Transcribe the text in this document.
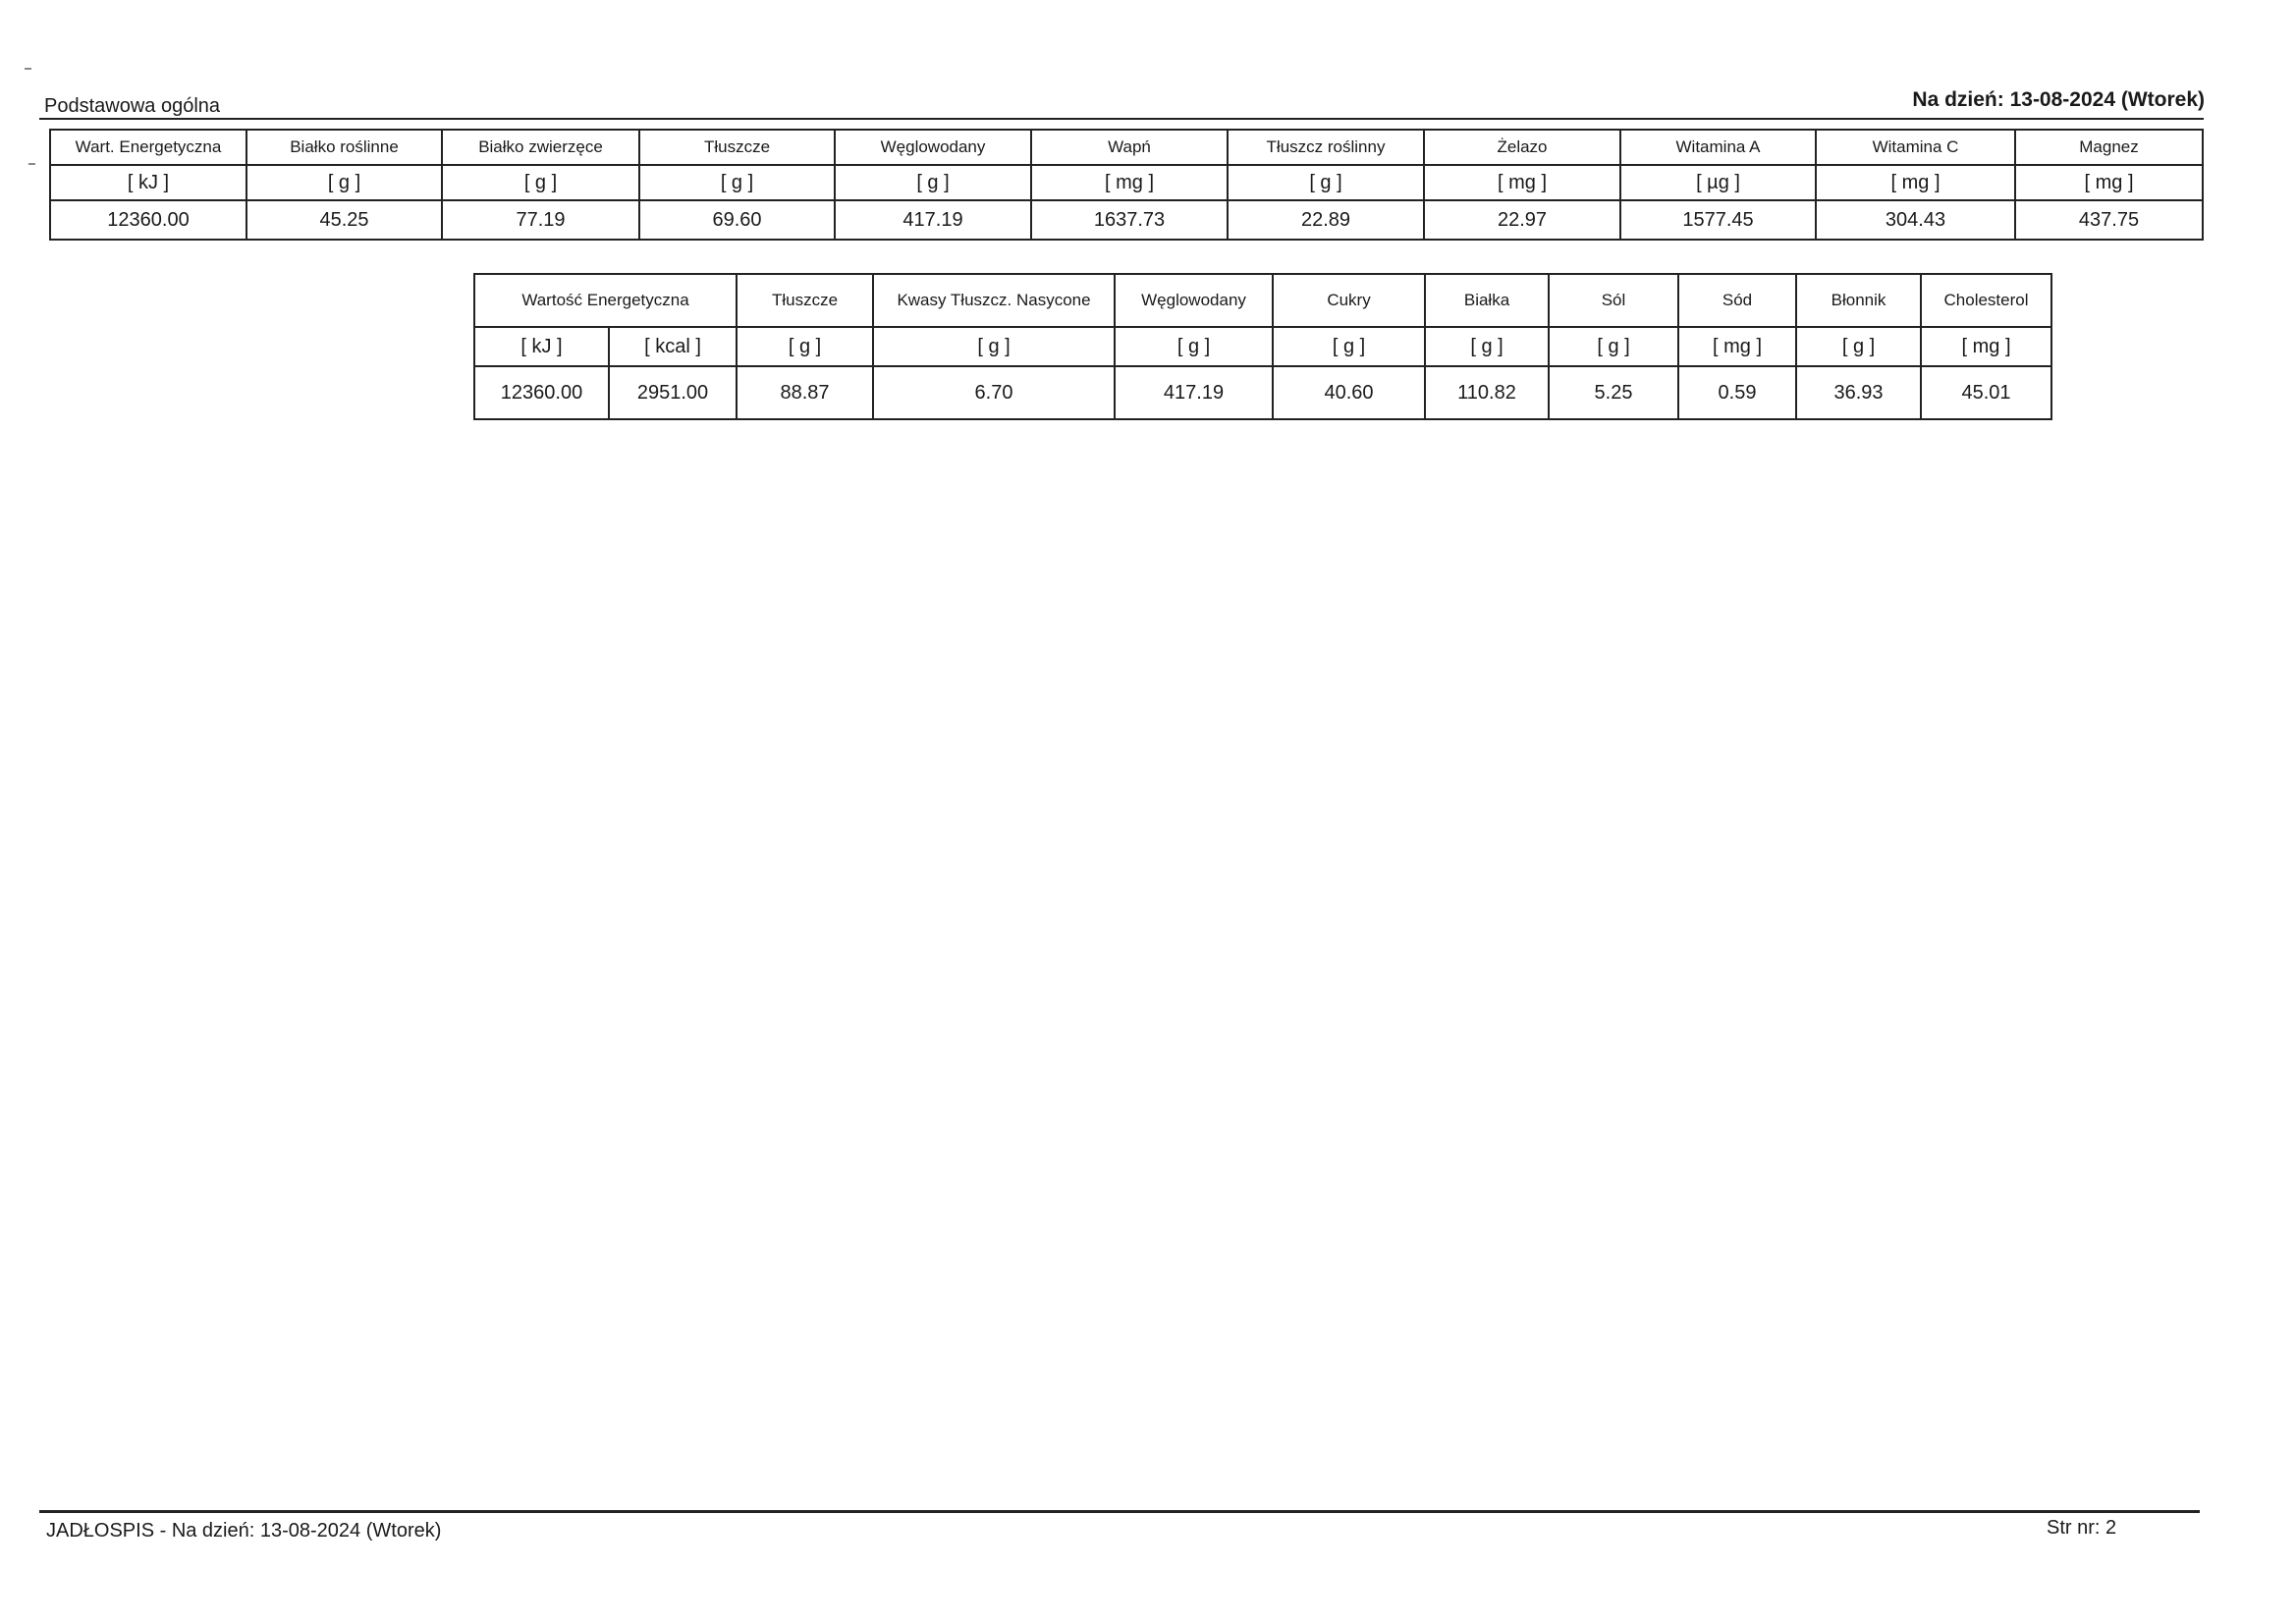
Podstawowa ogólna	Na dzień: 13-08-2024 (Wtorek)
Wart. Energetyczna	Białko roślinne	Białko zwierzęce	Tłuszcze	Węglowodany	Wapń	Tłuszcz roślinny	Żelazo	Witamina A	Witamina C	Magnez
[ kJ ]	[ g ]	[ g ]	[ g ]	[ g ]	[ mg ]	[ g ]	[ mg ]	[ µg ]	[ mg ]	[ mg ]
12360.00	45.25	77.19	69.60	417.19	1637.73	22.89	22.97	1577.45	304.43	437.75
Wartość Energetyczna		Tłuszcze	Kwasy Tłuszcz. Nasycone	Węglowodany	Cukry	Białka	Sól	Sód	Błonnik	Cholesterol
[ kJ ]	[ kcal ]	[ g ]	[ g ]	[ g ]	[ g ]	[ g ]	[ g ]	[ mg ]	[ g ]	[ mg ]
12360.00	2951.00	88.87	6.70	417.19	40.60	110.82	5.25	0.59	36.93	45.01
JADŁOSPIS - Na dzień: 13-08-2024 (Wtorek)	Str nr: 2
